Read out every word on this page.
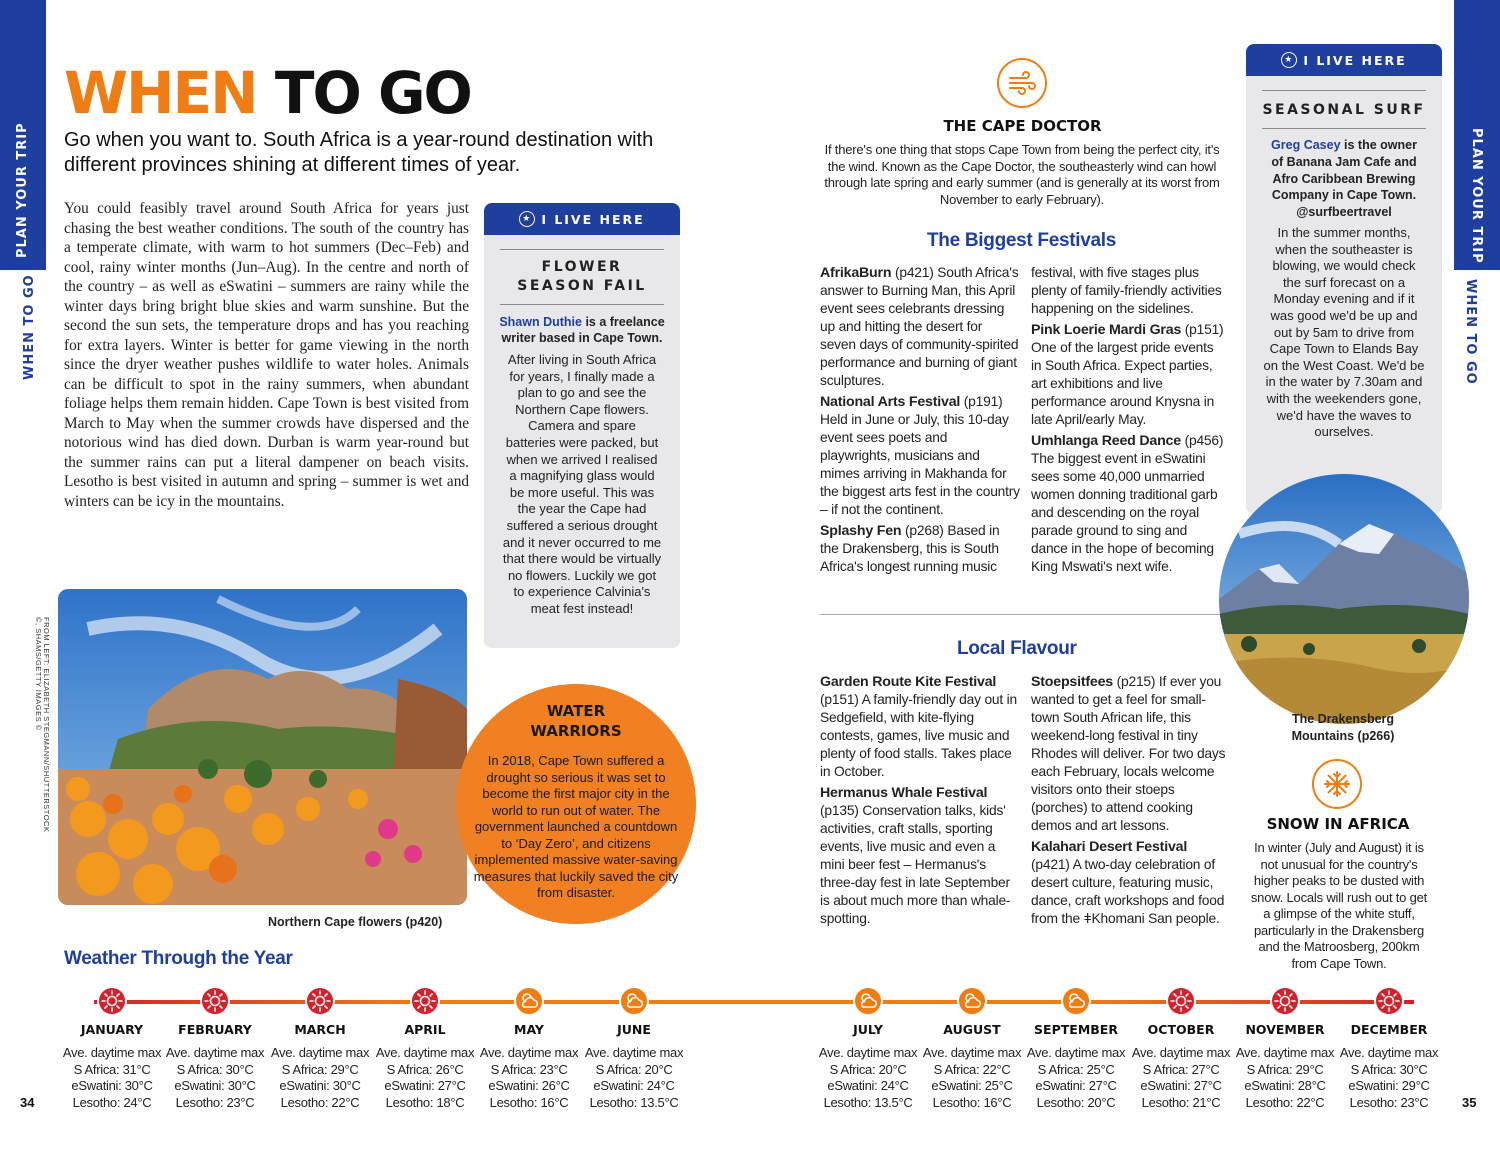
PLAN YOUR TRIP
WHEN TO GO
PLAN YOUR TRIP
WHEN TO GO
WHEN TO GO
Go when you want to. South Africa is a year-round destination with different provinces shining at different times of year.
You could feasibly travel around South Africa for years just chasing the best weather conditions. The south of the country has a temperate climate, with warm to hot summers (Dec–Feb) and cool, rainy winter months (Jun–Aug). In the centre and north of the country – as well as eSwatini – summers are rainy while the winter days bring bright blue skies and warm sunshine. But the second the sun sets, the temperature drops and has you reaching for extra layers. Winter is better for game viewing in the north since the dryer weather pushes wildlife to water holes. Animals can be difficult to spot in the rainy summers, when abundant foliage helps them remain hidden. Cape Town is best visited from March to May when the summer crowds have dispersed and the notorious wind has died down. Durban is warm year-round but the summer rains can put a literal dampener on beach visits. Lesotho is best visited in autumn and spring – summer is wet and winters can be icy in the mountains.
★ I LIVE HERE
FLOWER SEASON FAIL
Shawn Duthie is a freelance writer based in Cape Town.
After living in South Africa for years, I finally made a plan to go and see the Northern Cape flowers. Camera and spare batteries were packed, but when we arrived I realised a magnifying glass would be more useful. This was the year the Cape had suffered a serious drought and it never occurred to me that there would be virtually no flowers. Luckily we got to experience Calvinia's meat fest instead!
FROM LEFT: ELIZABETH STEGMANN/SHUTTERSTOCK ©, SHAMS/GETTY IMAGES ©
Northern Cape flowers (p420)
WATER WARRIORS
In 2018, Cape Town suffered a drought so serious it was set to become the first major city in the world to run out of water. The government launched a countdown to ‘Day Zero’, and citizens implemented massive water-saving measures that luckily saved the city from disaster.
THE CAPE DOCTOR
If there's one thing that stops Cape Town from being the perfect city, it's the wind. Known as the Cape Doctor, the southeasterly wind can howl through late spring and early summer (and is generally at its worst from November to early February).
The Biggest Festivals

AfrikaBurn (p421) South Africa's answer to Burning Man, this April event sees celebrants dressing up and hitting the desert for seven days of community-spirited performance and burning of giant sculptures.

National Arts Festival (p191) Held in June or July, this 10-day event sees poets and playwrights, musicians and mimes arriving in Makhanda for the biggest arts fest in the country – if not the continent.

Splashy Fen (p268) Based in the Drakensberg, this is South Africa's longest running music

festival, with five stages plus plenty of family-friendly activities happening on the sidelines.

Pink Loerie Mardi Gras (p151) One of the largest pride events in South Africa. Expect parties, art exhibitions and live performance around Knysna in late April/early May.

Umhlanga Reed Dance (p456) The biggest event in eSwatini sees some 40,000 unmarried women donning traditional garb and descending on the royal parade ground to sing and dance in the hope of becoming King Mswati's next wife.

Local Flavour

Garden Route Kite Festival (p151) A family-friendly day out in Sedgefield, with kite-flying contests, games, live music and plenty of food stalls. Takes place in October.

Hermanus Whale Festival (p135) Conservation talks, kids' activities, craft stalls, sporting events, live music and even a mini beer fest – Hermanus's three-day fest in late September is about much more than whale-spotting.

Stoepsitfees (p215) If ever you wanted to get a feel for small-town South African life, this weekend-long festival in tiny Rhodes will deliver. For two days each February, locals welcome visitors onto their stoeps (porches) to attend cooking demos and art lessons.

Kalahari Desert Festival (p421) A two-day celebration of desert culture, featuring music, dance, craft workshops and food from the ǂKhomani San people.

★ I LIVE HERE
SEASONAL SURF
Greg Casey is the owner of Banana Jam Cafe and Afro Caribbean Brewing Company in Cape Town. @surfbeertravel
In the summer months, when the southeaster is blowing, we would check the surf forecast on a Monday evening and if it was good we'd be up and out by 5am to drive from Cape Town to Elands Bay on the West Coast. We'd be in the water by 7.30am and with the weekenders gone, we'd have the waves to ourselves.
The Drakensberg Mountains (p266)
SNOW IN AFRICA
In winter (July and August) it is not unusual for the country's higher peaks to be dusted with snow. Locals will rush out to get a glimpse of the white stuff, particularly in the Drakensberg and the Matroosberg, 200km from Cape Town.
Weather Through the Year
JANUARY
Ave. daytime max
S Africa: 31°C
eSwatini: 30°C
Lesotho: 24°C
FEBRUARY
Ave. daytime max
S Africa: 30°C
eSwatini: 30°C
Lesotho: 23°C
MARCH
Ave. daytime max
S Africa: 29°C
eSwatini: 30°C
Lesotho: 22°C
APRIL
Ave. daytime max
S Africa: 26°C
eSwatini: 27°C
Lesotho: 18°C
MAY
Ave. daytime max
S Africa: 23°C
eSwatini: 26°C
Lesotho: 16°C
JUNE
Ave. daytime max
S Africa: 20°C
eSwatini: 24°C
Lesotho: 13.5°C
JULY
Ave. daytime max
S Africa: 20°C
eSwatini: 24°C
Lesotho: 13.5°C
AUGUST
Ave. daytime max
S Africa: 22°C
eSwatini: 25°C
Lesotho: 16°C
SEPTEMBER
Ave. daytime max
S Africa: 25°C
eSwatini: 27°C
Lesotho: 20°C
OCTOBER
Ave. daytime max
S Africa: 27°C
eSwatini: 27°C
Lesotho: 21°C
NOVEMBER
Ave. daytime max
S Africa: 29°C
eSwatini: 28°C
Lesotho: 22°C
DECEMBER
Ave. daytime max
S Africa: 30°C
eSwatini: 29°C
Lesotho: 23°C
34	35
